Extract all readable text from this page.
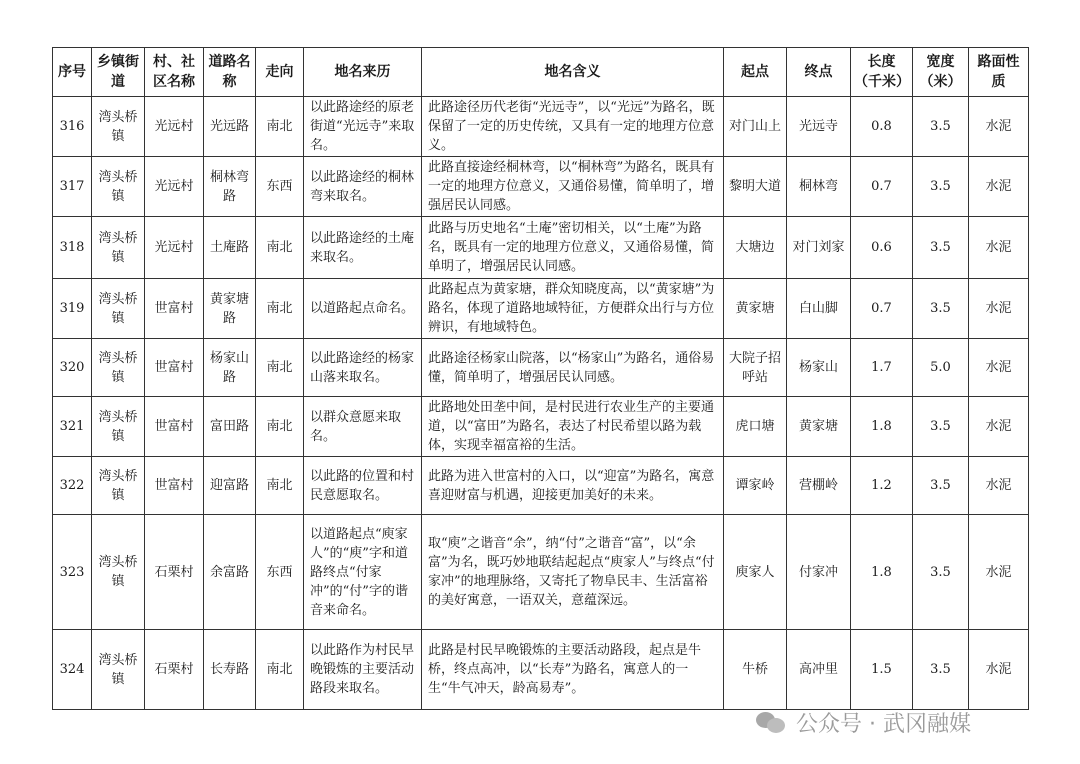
序号	乡镇街道	村、社区名称	道路名称	走向	地名来历	地名含义	起点	终点	长度（千米）	宽度（米）	路面性质
316	湾头桥镇	光远村	光远路	南北	以此路途经的原老街道“光远寺”来取名。	此路途径历代老街“光远寺”，以“光远”为路名，既保留了一定的历史传统，又具有一定的地理方位意义。	对门山上	光远寺	0.8	3.5	水泥
317	湾头桥镇	光远村	桐林弯路	东西	以此路途经的桐林弯来取名。	此路直接途经桐林弯，以“桐林弯”为路名，既具有一定的地理方位意义，又通俗易懂，简单明了，增强居民认同感。	黎明大道	桐林弯	0.7	3.5	水泥
318	湾头桥镇	光远村	土庵路	南北	以此路途经的土庵来取名。	此路与历史地名“土庵”密切相关，以“土庵”为路名，既具有一定的地理方位意义，又通俗易懂，简单明了，增强居民认同感。	大塘边	对门刘家	0.6	3.5	水泥
319	湾头桥镇	世富村	黄家塘路	南北	以道路起点命名。	此路起点为黄家塘，群众知晓度高，以“黄家塘”为路名，体现了道路地域特征，方便群众出行与方位辨识，有地域特色。	黄家塘	白山脚	0.7	3.5	水泥
320	湾头桥镇	世富村	杨家山路	南北	以此路途经的杨家山落来取名。	此路途径杨家山院落，以“杨家山”为路名，通俗易懂，简单明了，增强居民认同感。	大院子招呼站	杨家山	1.7	5.0	水泥
321	湾头桥镇	世富村	富田路	南北	以群众意愿来取名。	此路地处田垄中间，是村民进行农业生产的主要通道，以“富田”为路名，表达了村民希望以路为载体，实现幸福富裕的生活。	虎口塘	黄家塘	1.8	3.5	水泥
322	湾头桥镇	世富村	迎富路	南北	以此路的位置和村民意愿取名。	此路为进入世富村的入口，以“迎富”为路名，寓意喜迎财富与机遇，迎接更加美好的未来。	谭家岭	营棚岭	1.2	3.5	水泥
323	湾头桥镇	石栗村	余富路	东西	以道路起点“庾家人”的“庾”字和道路终点“付家冲”的“付”字的谐音来命名。	取“庾”之谐音“余”，纳“付”之谐音“富”，以“余富”为名，既巧妙地联结起起点“庾家人”与终点“付家冲”的地理脉络，又寄托了物阜民丰、生活富裕的美好寓意，一语双关，意蕴深远。	庾家人	付家冲	1.8	3.5	水泥
324	湾头桥镇	石栗村	长寿路	南北	以此路作为村民早晚锻炼的主要活动路段来取名。	此路是村民早晚锻炼的主要活动路段，起点是牛桥，终点高冲，以“长寿”为路名，寓意人的一生“牛气冲天，龄高易寿”。	牛桥	高冲里	1.5	3.5	水泥
公众号 · 武冈融媒
